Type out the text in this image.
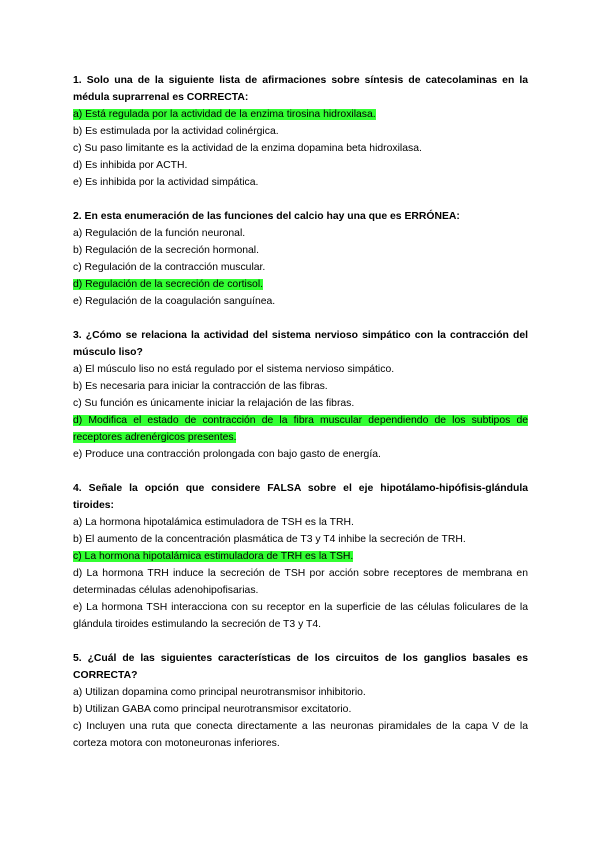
1. Solo una de la siguiente lista de afirmaciones sobre síntesis de catecolaminas en la médula suprarrenal es CORRECTA:

a) Está regulada por la actividad de la enzima tirosina hidroxilasa.

b) Es estimulada por la actividad colinérgica.

c) Su paso limitante es la actividad de la enzima dopamina beta hidroxilasa.

d) Es inhibida por ACTH.

e) Es inhibida por la actividad simpática.

2. En esta enumeración de las funciones del calcio hay una que es ERRÓNEA:

a) Regulación de la función neuronal.

b) Regulación de la secreción hormonal.

c) Regulación de la contracción muscular.

d) Regulación de la secreción de cortisol.

e) Regulación de la coagulación sanguínea.

3. ¿Cómo se relaciona la actividad del sistema nervioso simpático con la contracción del músculo liso?

a) El músculo liso no está regulado por el sistema nervioso simpático.

b) Es necesaria para iniciar la contracción de las fibras.

c) Su función es únicamente iniciar la relajación de las fibras.

d) Modifica el estado de contracción de la fibra muscular dependiendo de los subtipos de receptores adrenérgicos presentes.

e) Produce una contracción prolongada con bajo gasto de energía.

4. Señale la opción que considere FALSA sobre el eje hipotálamo-hipófisis-glándula tiroides:

a) La hormona hipotalámica estimuladora de TSH es la TRH.

b) El aumento de la concentración plasmática de T3 y T4 inhibe la secreción de TRH.

c) La hormona hipotalámica estimuladora de TRH es la TSH.

d) La hormona TRH induce la secreción de TSH por acción sobre receptores de membrana en determinadas células adenohipofisarias.

e) La hormona TSH interacciona con su receptor en la superficie de las células foliculares de la glándula tiroides estimulando la secreción de T3 y T4.

5. ¿Cuál de las siguientes características de los circuitos de los ganglios basales es CORRECTA?

a) Utilizan dopamina como principal neurotransmisor inhibitorio.

b) Utilizan GABA como principal neurotransmisor excitatorio.

c) Incluyen una ruta que conecta directamente a las neuronas piramidales de la capa V de la corteza motora con motoneuronas inferiores.
